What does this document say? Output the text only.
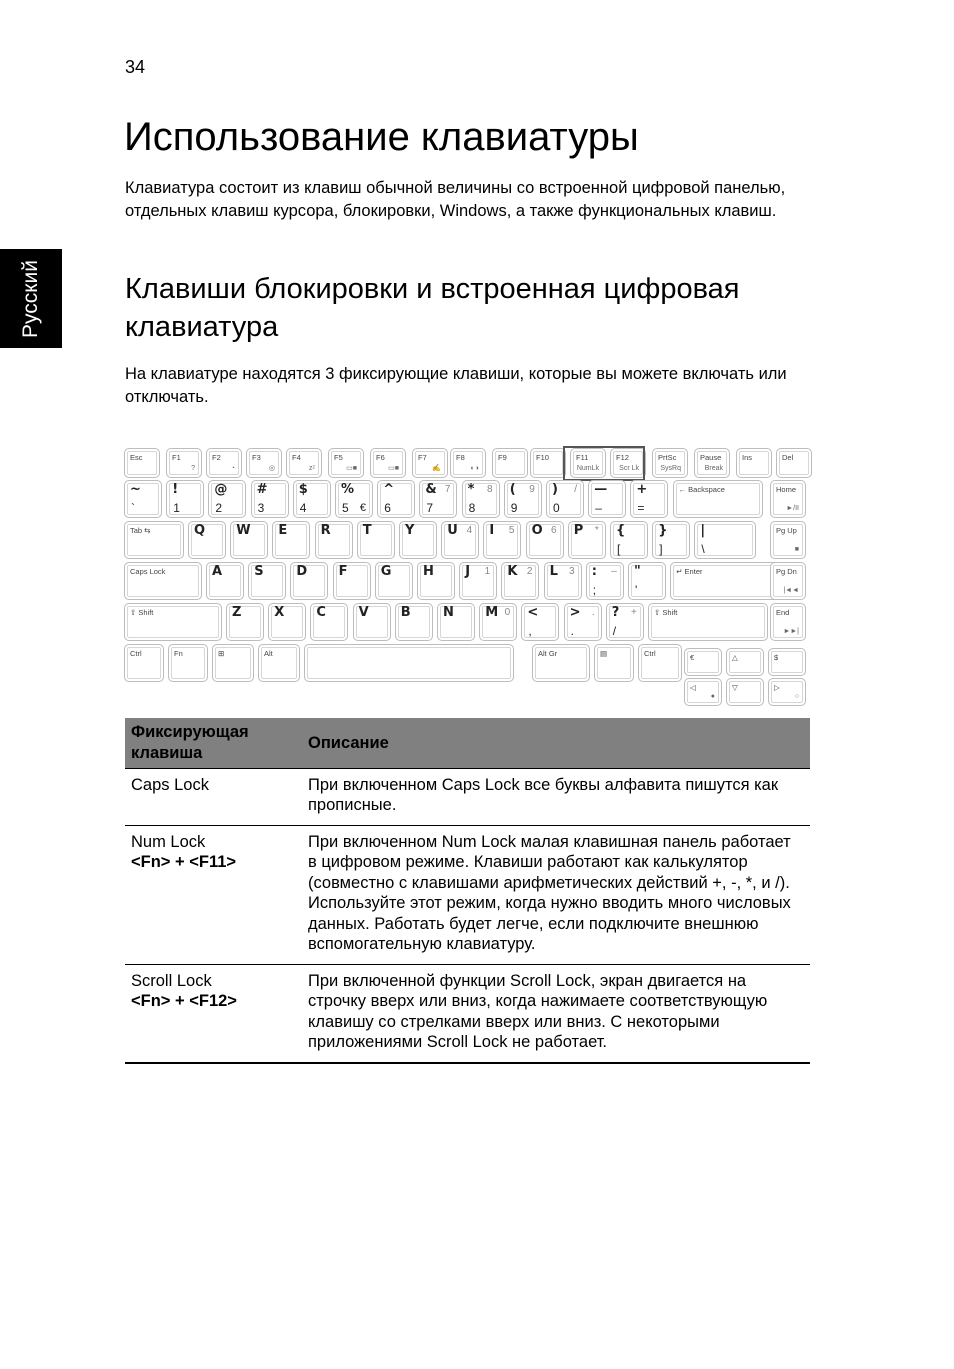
34
Русский
Использование клавиатуры

Клавиатура состоит из клавиш обычной величины со встроенной цифровой панелью, отдельных клавиш курсора, блокировки, Windows, а также функциональных клавиш.

Клавиши блокировки и встроенная цифровая клавиатура

На клавиатуре находятся 3 фиксирующие клавиши, которые вы можете включать или отключать.

Esc	F1
?
F2
◔
F3
◎
F4
zᶻ
F5
▭■
F6
▭■
F7
✍
F8
◐◑
F9	F10	F11
NumLk
F12
Scr Lk
PrtSc
SysRq
Pause
Break
Ins	Del
~
`
!
1
@
2
#
3
$
4
%
5 €
^
6
&
7
7	*
8
8	(
9
9	)
0
/	—
–
+
=
← Backspace	Home
►/II
Tab ⇆	Q	W	E	R	T	Y	U 4	I 5	O 6	P *	{
[
}
]
|
\
Pg Up
■
Caps Lock	A	S	D	F	G	H	J 1	K 2	L 3	:
;
–	"
'
↵ Enter	Pg Dn
|◄◄
⇧ Shift	Z	X	C	V	B	N	M 0	<
,
>
.
.	?
/
+	⇧ Shift	End
►►|
Ctrl	Fn	⊞	Alt	Alt Gr	▤	Ctrl	€	△	$
◁
●
▽	▷
○
Фиксирующая клавиша	Описание
Caps Lock	При включенном Caps Lock все буквы алфавита пишутся как прописные.
Num Lock
<Fn> + <F11>	При включенном Num Lock малая клавишная панель работает в цифровом режиме. Клавиши работают как калькулятор (совместно с клавишами арифметических действий +, -, *, и /). Используйте этот режим, когда нужно вводить много числовых данных. Работать будет легче, если подключите внешнюю вспомогательную клавиатуру.
Scroll Lock
<Fn> + <F12>	При включенной функции Scroll Lock, экран двигается на строчку вверх или вниз, когда нажимаете соответствующую клавишу со стрелками вверх или вниз. С некоторыми приложениями Scroll Lock не работает.
